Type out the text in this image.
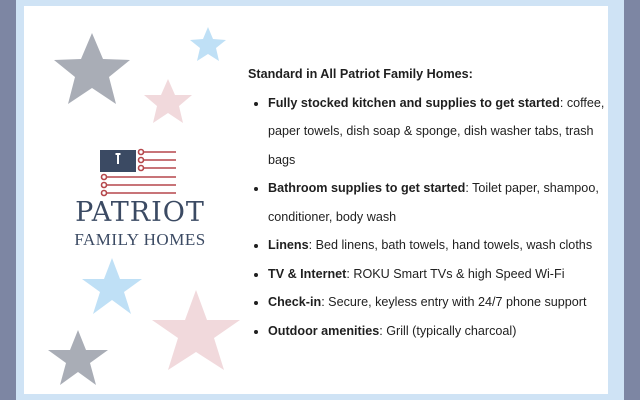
PATRIOT
FAMILY HOMES

Standard in All Patriot Family Homes:

• Fully stocked kitchen and supplies to get started: coffee, paper towels, dish soap & sponge, dish washer tabs, trash bags
• Bathroom supplies to get started: Toilet paper, shampoo, conditioner, body wash
• Linens: Bed linens, bath towels, hand towels, wash cloths
• TV & Internet: ROKU Smart TVs & high Speed Wi-Fi
• Check-in: Secure, keyless entry with 24/7 phone support
• Outdoor amenities: Grill (typically charcoal)
